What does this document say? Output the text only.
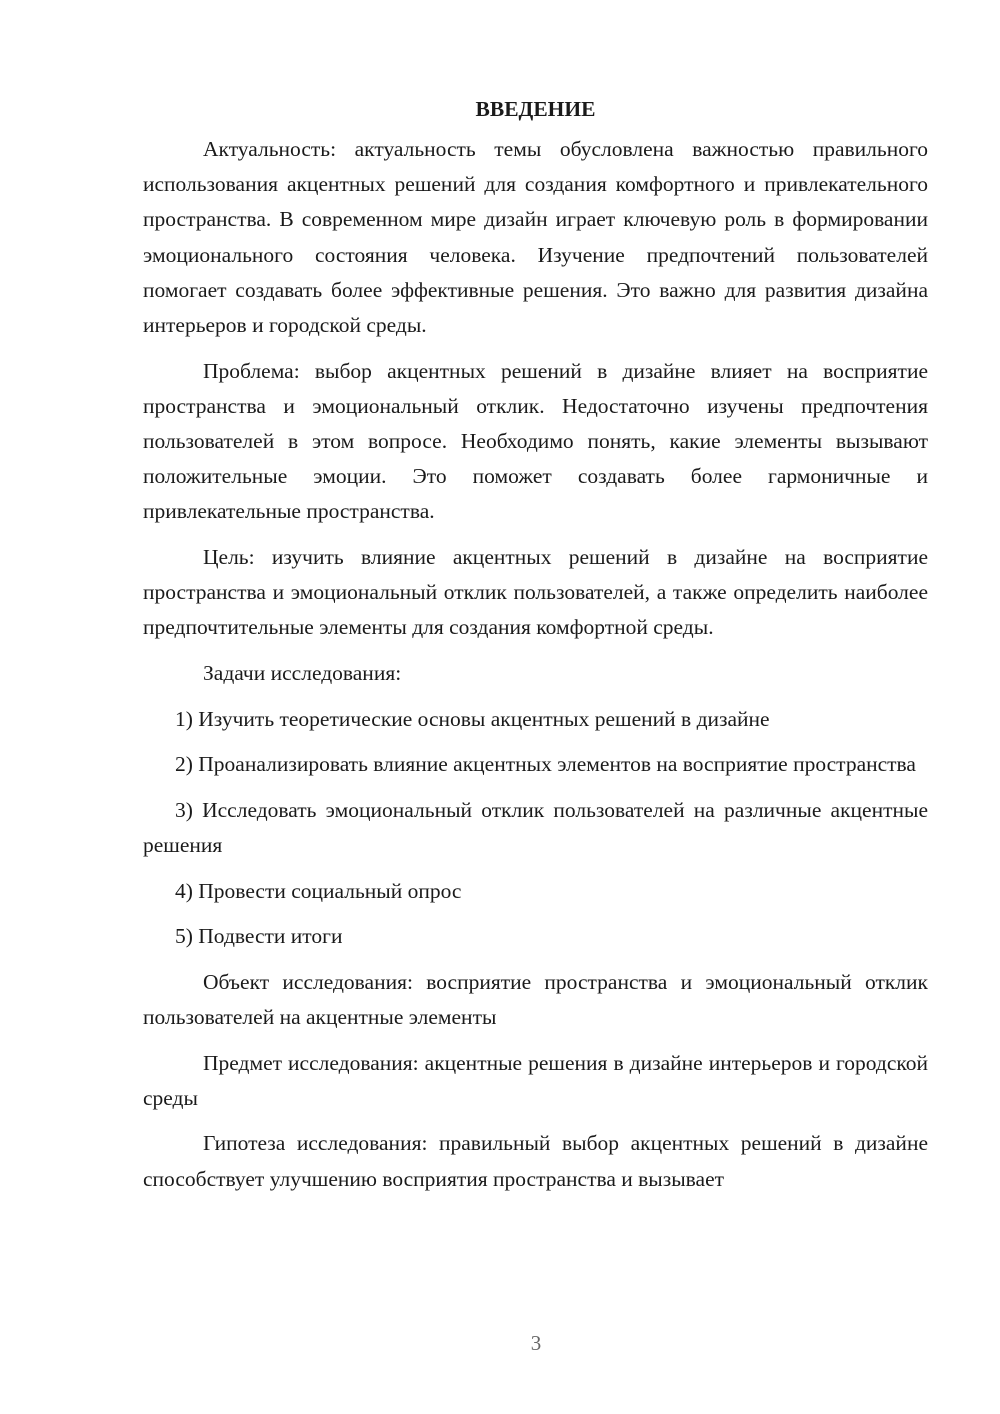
ВВЕДЕНИЕ

Актуальность: актуальность темы обусловлена важностью правильного использования акцентных решений для создания комфортного и привлекательного пространства. В современном мире дизайн играет ключевую роль в формировании эмоционального состояния человека. Изучение предпочтений пользователей помогает создавать более эффективные решения. Это важно для развития дизайна интерьеров и городской среды.

Проблема: выбор акцентных решений в дизайне влияет на восприятие пространства и эмоциональный отклик. Недостаточно изучены предпочтения пользователей в этом вопросе. Необходимо понять, какие элементы вызывают положительные эмоции. Это поможет создавать более гармоничные и привлекательные пространства.

Цель: изучить влияние акцентных решений в дизайне на восприятие пространства и эмоциональный отклик пользователей, а также определить наиболее предпочтительные элементы для создания комфортной среды.

Задачи исследования:

1) Изучить теоретические основы акцентных решений в дизайне

2) Проанализировать влияние акцентных элементов на восприятие пространства

3) Исследовать эмоциональный отклик пользователей на различные акцентные решения

4) Провести социальный опрос

5) Подвести итоги

Объект исследования: восприятие пространства и эмоциональный отклик пользователей на акцентные элементы

Предмет исследования: акцентные решения в дизайне интерьеров и городской среды

Гипотеза исследования: правильный выбор акцентных решений в дизайне способствует улучшению восприятия пространства и вызывает

3
